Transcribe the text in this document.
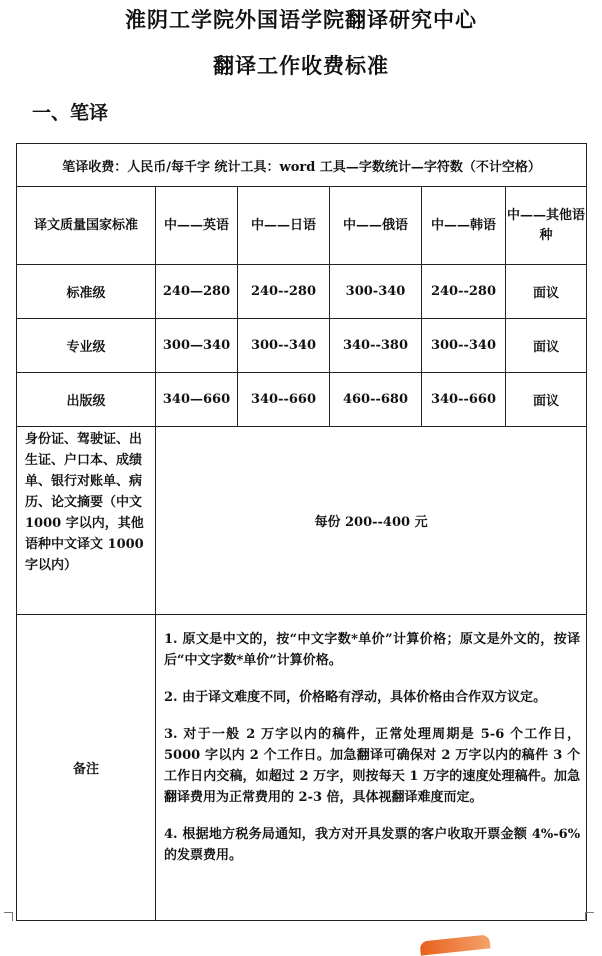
淮阴工学院外国语学院翻译研究中心
翻译工作收费标准
一、笔译
笔译收费：人民币/每千字 统计工具：word 工具—字数统计—字符数（不计空格）					
译文质量国家标准	中——英语	中——日语	中——俄语	中——韩语	中——其他语种
标准级	240—280	240--280	300-340	240--280	面议
专业级	300—340	300--340	340--380	300--340	面议
出版级	340—660	340--660	460--680	340--660	面议
身份证、驾驶证、出生证、户口本、成绩单、银行对账单、病历、论文摘要（中文 1000 字以内，其他语种中文译文 1000 字以内）	每份 200--400 元				
备注	1. 原文是中文的，按“中文字数*单价”计算价格；原文是外文的，按译后“中文字数*单价”计算价格。

2. 由于译文难度不同，价格略有浮动，具体价格由合作双方议定。

3. 对于一般 2 万字以内的稿件，正常处理周期是 5-6 个工作日，5000 字以内 2 个工作日。加急翻译可确保对 2 万字以内的稿件 3 个工作日内交稿，如超过 2 万字，则按每天 1 万字的速度处理稿件。加急翻译费用为正常费用的 2-3 倍，具体视翻译难度而定。

4. 根据地方税务局通知，我方对开具发票的客户收取开票金额 4%-6%的发票费用。				
